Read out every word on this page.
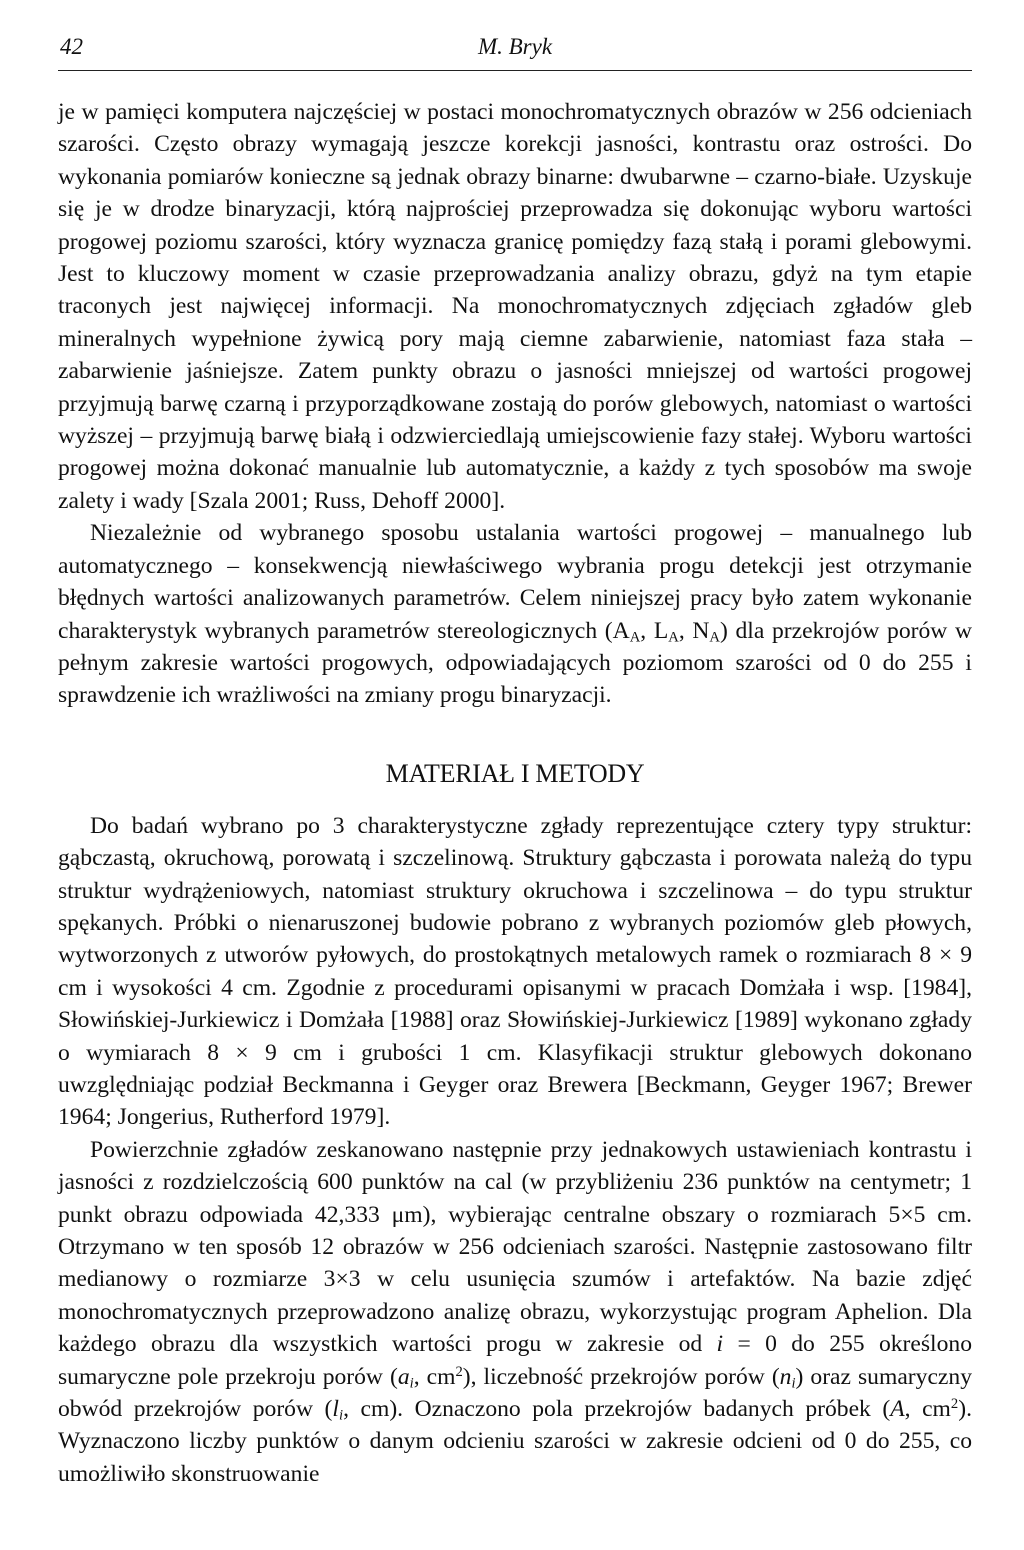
42	M. Bryk

je w pamięci komputera najczęściej w postaci monochromatycznych obrazów w 256 odcieniach szarości. Często obrazy wymagają jeszcze korekcji jasności, kontrastu oraz ostrości. Do wykonania pomiarów konieczne są jednak obrazy binarne: dwubarwne – czarno-białe. Uzyskuje się je w drodze binaryzacji, którą najprościej przeprowadza się dokonując wyboru wartości progowej poziomu szarości, który wyznacza granicę pomiędzy fazą stałą i porami glebowymi. Jest to kluczowy moment w czasie przeprowadzania analizy obrazu, gdyż na tym etapie traconych jest najwięcej informacji. Na monochromatycznych zdjęciach zgładów gleb mineralnych wypełnione żywicą pory mają ciemne zabarwienie, natomiast faza stała – zabarwienie jaśniejsze. Zatem punkty obrazu o jasności mniejszej od wartości progowej przyjmują barwę czarną i przyporządkowane zostają do porów glebowych, natomiast o wartości wyższej – przyjmują barwę białą i odzwierciedlają umiejscowienie fazy stałej. Wyboru wartości progowej można dokonać manualnie lub automatycznie, a każdy z tych sposobów ma swoje zalety i wady [Szala 2001; Russ, Dehoff 2000].

Niezależnie od wybranego sposobu ustalania wartości progowej – manualnego lub automatycznego – konsekwencją niewłaściwego wybrania progu detekcji jest otrzymanie błędnych wartości analizowanych parametrów. Celem niniejszej pracy było zatem wykonanie charakterystyk wybranych parametrów stereologicznych ($A_A$, $L_A$, $N_A$) dla przekrojów porów w pełnym zakresie wartości progowych, odpowiadających poziomom szarości od 0 do 255 i sprawdzenie ich wrażliwości na zmiany progu binaryzacji.

MATERIAŁ I METODY

Do badań wybrano po 3 charakterystyczne zgłady reprezentujące cztery typy struktur: gąbczastą, okruchową, porowatą i szczelinową. Struktury gąbczasta i porowata należą do typu struktur wydrążeniowych, natomiast struktury okruchowa i szczelinowa – do typu struktur spękanych. Próbki o nienaruszonej budowie pobrano z wybranych poziomów gleb płowych, wytworzonych z utworów pyłowych, do prostokątnych metalowych ramek o rozmiarach 8 × 9 cm i wysokości 4 cm. Zgodnie z procedurami opisanymi w pracach Domżała i wsp. [1984], Słowińskiej-Jurkiewicz i Domżała [1988] oraz Słowińskiej-Jurkiewicz [1989] wykonano zgłady o wymiarach 8 × 9 cm i grubości 1 cm. Klasyfikacji struktur glebowych dokonano uwzględniając podział Beckmanna i Geyger oraz Brewera [Beckmann, Geyger 1967; Brewer 1964; Jongerius, Rutherford 1979].

Powierzchnie zgładów zeskanowano następnie przy jednakowych ustawieniach kontrastu i jasności z rozdzielczością 600 punktów na cal (w przybliżeniu 236 punktów na centymetr; 1 punkt obrazu odpowiada 42,333 μm), wybierając centralne obszary o rozmiarach 5×5 cm. Otrzymano w ten sposób 12 obrazów w 256 odcieniach szarości. Następnie zastosowano filtr medianowy o rozmiarze 3×3 w celu usunięcia szumów i artefaktów. Na bazie zdjęć monochromatycznych przeprowadzono analizę obrazu, wykorzystując program Aphelion. Dla każdego obrazu dla wszystkich wartości progu w zakresie od i = 0 do 255 określono sumaryczne pole przekroju porów ($a_i$, $cm^2$), liczebność przekrojów porów $(n_i)$ oraz sumaryczny obwód przekrojów porów ($l_i$, cm). Oznaczono pola przekrojów badanych próbek (A, $cm^2$). Wyznaczono liczby punktów o danym odcieniu szarości w zakresie odcieni od 0 do 255, co umożliwiło skonstruowanie
